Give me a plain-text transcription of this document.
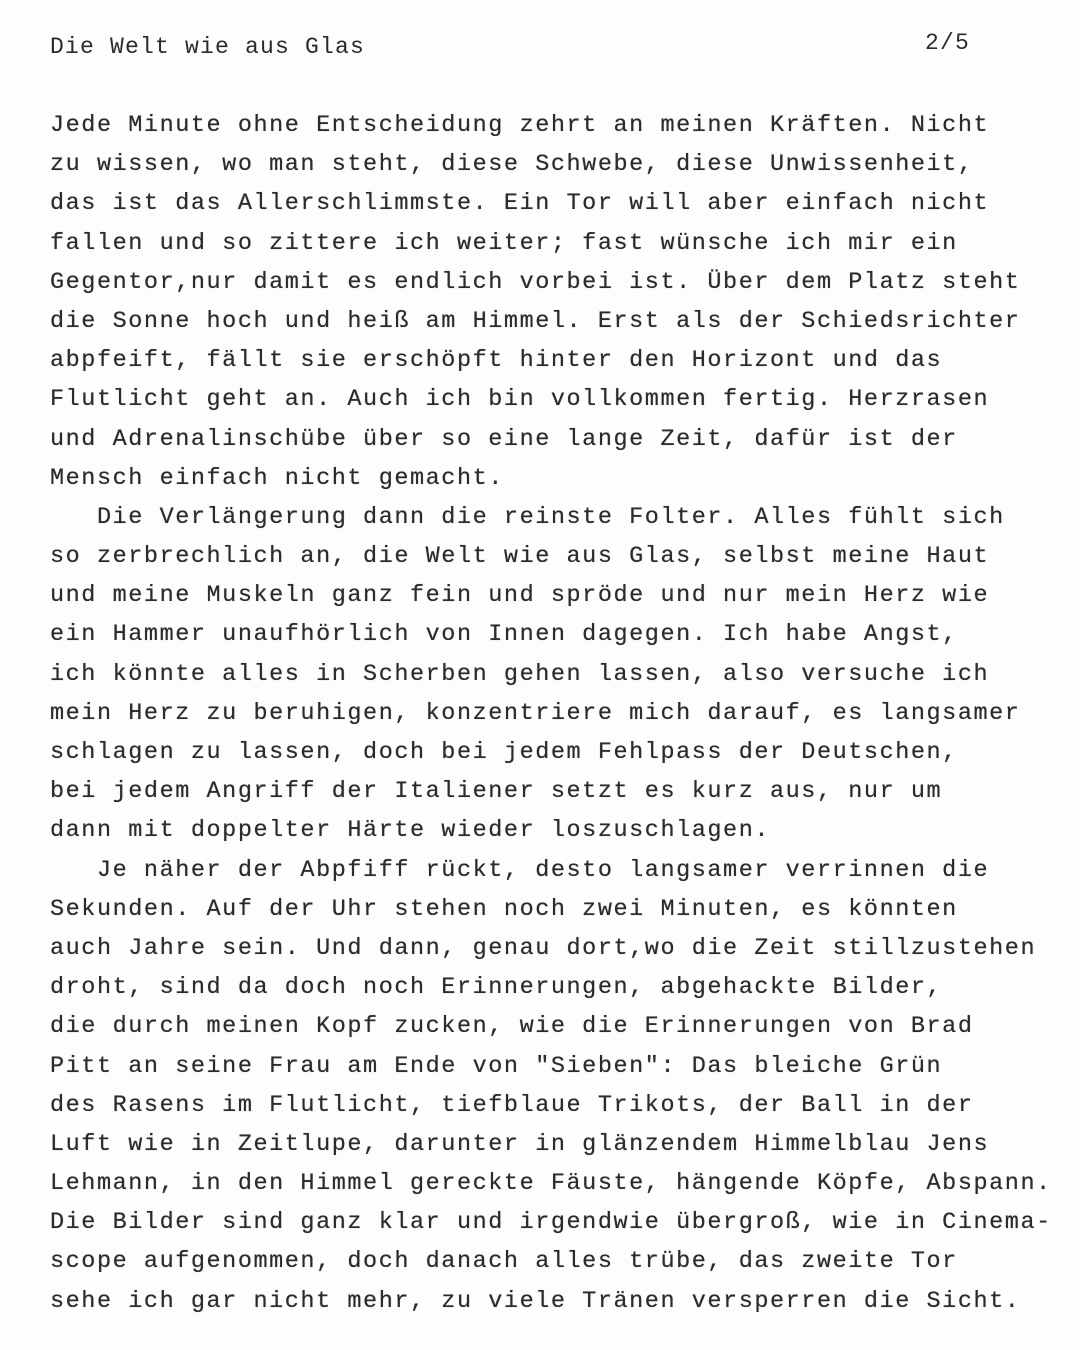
Die Welt wie aus Glas	2/5
Jede Minute ohne Entscheidung zehrt an meinen Kräften. Nicht
zu wissen, wo man steht, diese Schwebe, diese Unwissenheit,
das ist das Allerschlimmste. Ein Tor will aber einfach nicht
fallen und so zittere ich weiter; fast wünsche ich mir ein
Gegentor,nur damit es endlich vorbei ist. Über dem Platz steht
die Sonne hoch und heiß am Himmel. Erst als der Schiedsrichter
abpfeift, fällt sie erschöpft hinter den Horizont und das
Flutlicht geht an. Auch ich bin vollkommen fertig. Herzrasen
und Adrenalinschübe über so eine lange Zeit, dafür ist der
Mensch einfach nicht gemacht.
Die Verlängerung dann die reinste Folter. Alles fühlt sich
so zerbrechlich an, die Welt wie aus Glas, selbst meine Haut
und meine Muskeln ganz fein und spröde und nur mein Herz wie
ein Hammer unaufhörlich von Innen dagegen. Ich habe Angst,
ich könnte alles in Scherben gehen lassen, also versuche ich
mein Herz zu beruhigen, konzentriere mich darauf, es langsamer
schlagen zu lassen, doch bei jedem Fehlpass der Deutschen,
bei jedem Angriff der Italiener setzt es kurz aus, nur um
dann mit doppelter Härte wieder loszuschlagen.
Je näher der Abpfiff rückt, desto langsamer verrinnen die
Sekunden. Auf der Uhr stehen noch zwei Minuten, es könnten
auch Jahre sein. Und dann, genau dort,wo die Zeit stillzustehen
droht, sind da doch noch Erinnerungen, abgehackte Bilder,
die durch meinen Kopf zucken, wie die Erinnerungen von Brad
Pitt an seine Frau am Ende von "Sieben": Das bleiche Grün
des Rasens im Flutlicht, tiefblaue Trikots, der Ball in der
Luft wie in Zeitlupe, darunter in glänzendem Himmelblau Jens
Lehmann, in den Himmel gereckte Fäuste, hängende Köpfe, Abspann.
Die Bilder sind ganz klar und irgendwie übergroß, wie in Cinema-
scope aufgenommen, doch danach alles trübe, das zweite Tor
sehe ich gar nicht mehr, zu viele Tränen versperren die Sicht.
